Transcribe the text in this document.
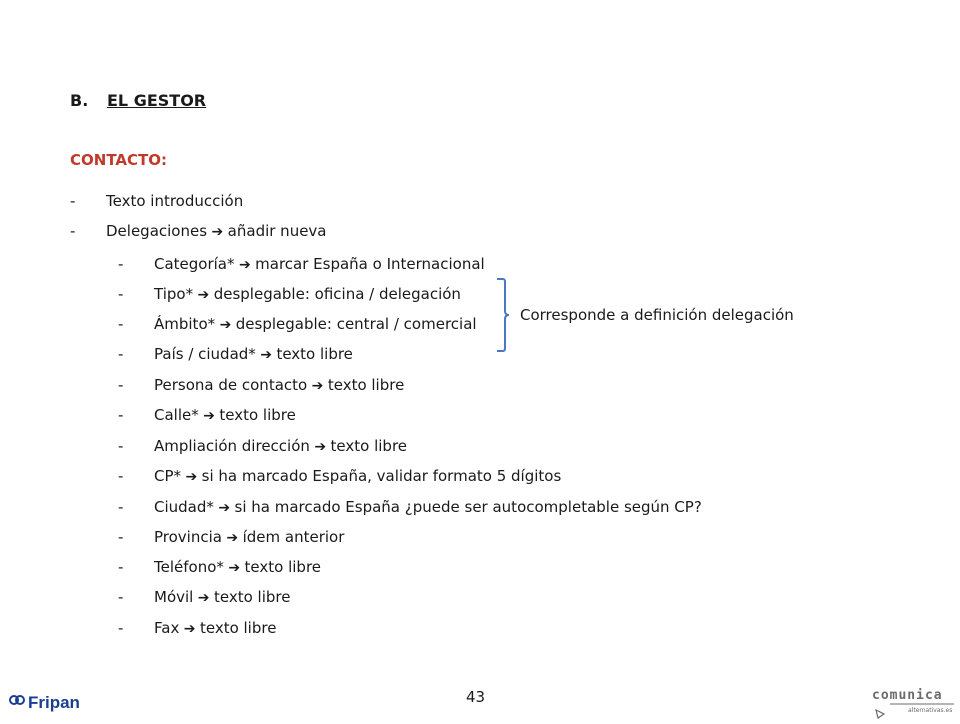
B. EL GESTOR
CONTACTO:
- Texto introducción
- Delegaciones ➔ añadir nueva
- Categoría* ➔ marcar España o Internacional
- Tipo* ➔ desplegable: oficina / delegación
- Ámbito* ➔ desplegable: central / comercial
- País / ciudad* ➔ texto libre
- Persona de contacto ➔ texto libre
- Calle* ➔ texto libre
- Ampliación dirección ➔ texto libre
- CP* ➔ si ha marcado España, validar formato 5 dígitos
- Ciudad* ➔ si ha marcado España ¿puede ser autocompletable según CP?
- Provincia ➔ ídem anterior
- Teléfono* ➔ texto libre
- Móvil ➔ texto libre
- Fax ➔ texto libre
Corresponde a definición delegación
43
Fripan	comunica
alternativas.es
